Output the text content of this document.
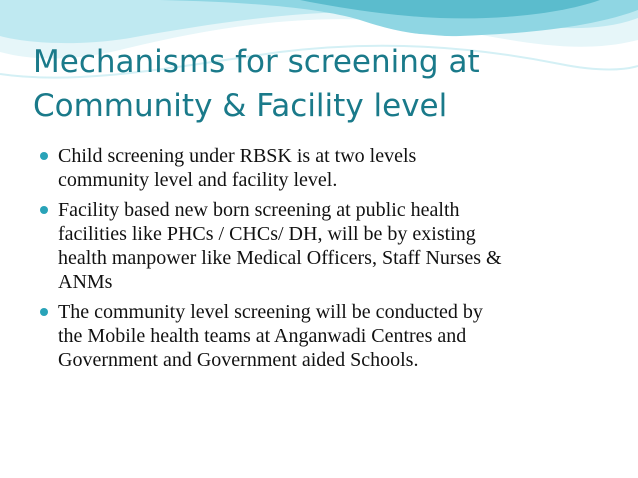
Mechanisms for screening at
Community & Facility level
Child screening under RBSK is at two levels
community level and facility level.
Facility based new born screening at public health
facilities like PHCs / CHCs/ DH, will be by existing
health manpower like Medical Officers, Staff Nurses &
ANMs
The community level screening will be conducted by
the Mobile health teams at Anganwadi Centres and
Government and Government aided Schools.
